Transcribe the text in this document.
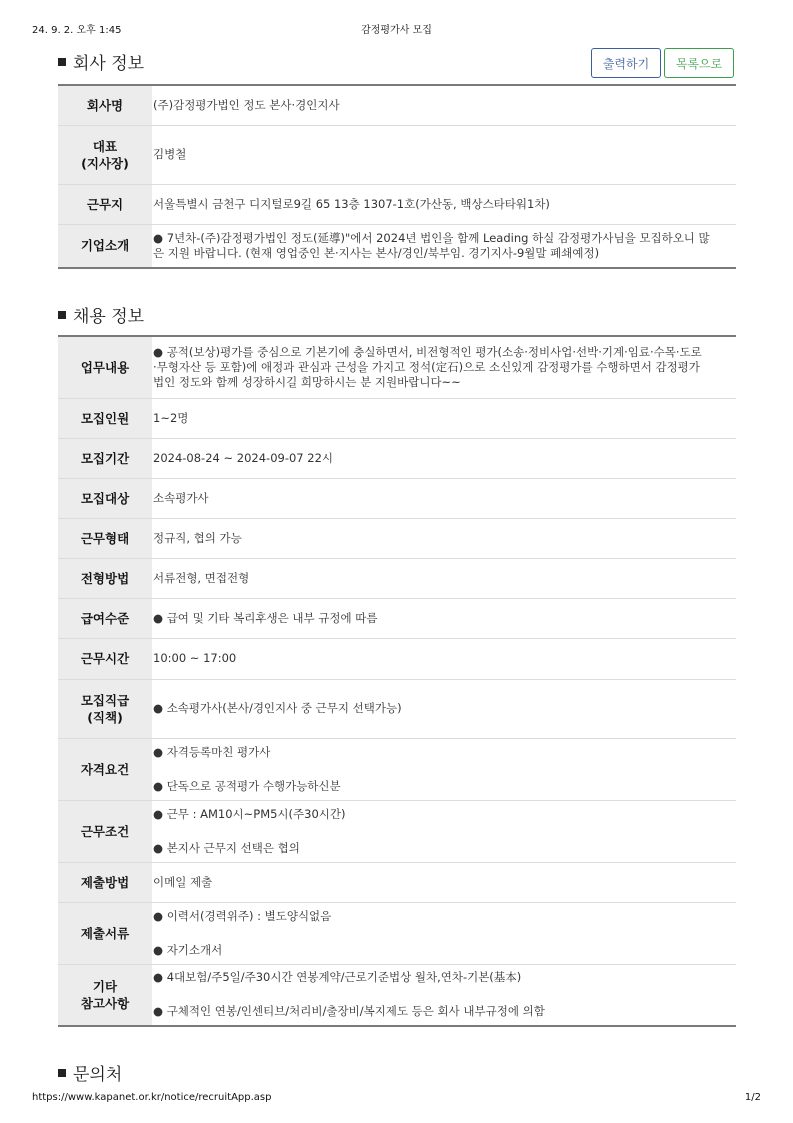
24. 9. 2. 오후 1:45	감정평가사 모집
회사 정보	출력하기	목록으로
회사명	(주)감정평가법인 정도 본사·경인지사

대표
(지사장)	김병철
근무지	서울특별시 금천구 디지털로9길 65 13층 1307-1호(가산동, 백상스타타워1차)
기업소개	● 7년차-(주)감정평가법인 정도(延導)"에서 2024년 법인을 함께 Leading 하실 감정평가사님을 모집하오니 많
은 지원 바랍니다. (현재 영업중인 본·지사는 본사/경인/북부임. 경기지사-9월말 폐쇄예정)
채용 정보
업무내용	● 공적(보상)평가를 중심으로 기본기에 충실하면서, 비전형적인 평가(소송·정비사업·선박·기계·임료·수목·도로
·무형자산 등 포함)에 애정과 관심과 근성을 가지고 정석(定石)으로 소신있게 감정평가를 수행하면서 감정평가
법인 정도와 함께 성장하시길 희망하시는 분 지원바랍니다~~

모집인원	1~2명
모집기간	2024-08-24 ~ 2024-09-07 22시
모집대상	소속평가사
근무형태	정규직, 협의 가능
전형방법	서류전형, 면접전형
급여수준	● 급여 및 기타 복리후생은 내부 규정에 따름
근무시간	10:00 ~ 17:00

모집직급
(직책)	● 소속평가사(본사/경인지사 중 근무지 선택가능)
자격요건	● 자격등록마친 평가사
● 단독으로 공적평가 수행가능하신분

근무조건	● 근무 : AM10시~PM5시(주30시간)
● 본지사 근무지 선택은 협의

제출방법	이메일 제출
제출서류	● 이력서(경력위주) : 별도양식없음
● 자기소개서

기타
참고사항	● 4대보험/주5일/주30시간 연봉계약/근로기준법상 월차,연차-기본(基本)
● 구체적인 연봉/인센티브/처리비/출장비/복지제도 등은 회사 내부규정에 의함
문의처
https://www.kapanet.or.kr/notice/recruitApp.asp	1/2
